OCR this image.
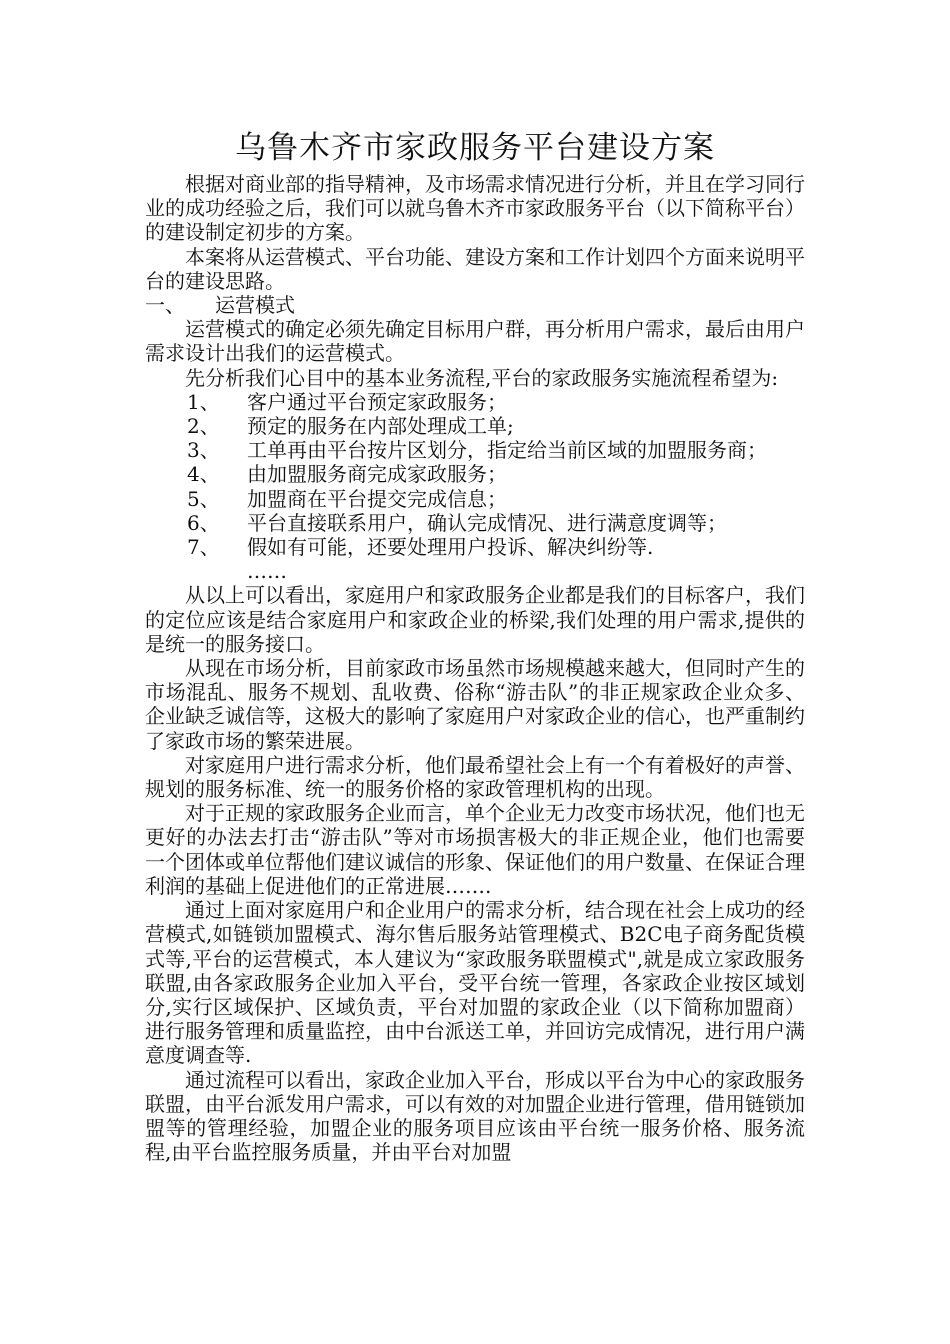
乌鲁木齐市家政服务平台建设方案

根据对商业部的指导精神，及市场需求情况进行分析，并且在学习同行业的成功经验之后，我们可以就乌鲁木齐市家政服务平台（以下简称平台）的建设制定初步的方案。

本案将从运营模式、平台功能、建设方案和工作计划四个方面来说明平台的建设思路。

一、 运营模式

运营模式的确定必须先确定目标用户群，再分析用户需求，最后由用户需求设计出我们的运营模式。

先分析我们心目中的基本业务流程,平台的家政服务实施流程希望为:

1、	客户通过平台预定家政服务；
2、	预定的服务在内部处理成工单;
3、	工单再由平台按片区划分，指定给当前区域的加盟服务商；
4、	由加盟服务商完成家政服务；
5、	加盟商在平台提交完成信息；
6、	平台直接联系用户，确认完成情况、进行满意度调等；
7、	假如有可能，还要处理用户投诉、解决纠纷等.

……

从以上可以看出，家庭用户和家政服务企业都是我们的目标客户，我们的定位应该是结合家庭用户和家政企业的桥梁,我们处理的用户需求,提供的是统一的服务接口。

从现在市场分析，目前家政市场虽然市场规模越来越大，但同时产生的市场混乱、服务不规划、乱收费、俗称“游击队”的非正规家政企业众多、企业缺乏诚信等，这极大的影响了家庭用户对家政企业的信心，也严重制约了家政市场的繁荣进展。

对家庭用户进行需求分析，他们最希望社会上有一个有着极好的声誉、规划的服务标准、统一的服务价格的家政管理机构的出现。

对于正规的家政服务企业而言，单个企业无力改变市场状况，他们也无更好的办法去打击“游击队”等对市场损害极大的非正规企业，他们也需要一个团体或单位帮他们建议诚信的形象、保证他们的用户数量、在保证合理利润的基础上促进他们的正常进展…….

通过上面对家庭用户和企业用户的需求分析，结合现在社会上成功的经营模式,如链锁加盟模式、海尔售后服务站管理模式、B2C电子商务配货模式等,平台的运营模式，本人建议为“家政服务联盟模式",就是成立家政服务联盟,由各家政服务企业加入平台，受平台统一管理，各家政企业按区域划分,实行区域保护、区域负责，平台对加盟的家政企业（以下简称加盟商）进行服务管理和质量监控，由中台派送工单，并回访完成情况，进行用户满意度调查等.

通过流程可以看出，家政企业加入平台，形成以平台为中心的家政服务联盟，由平台派发用户需求，可以有效的对加盟企业进行管理，借用链锁加盟等的管理经验，加盟企业的服务项目应该由平台统一服务价格、服务流程,由平台监控服务质量，并由平台对加盟
